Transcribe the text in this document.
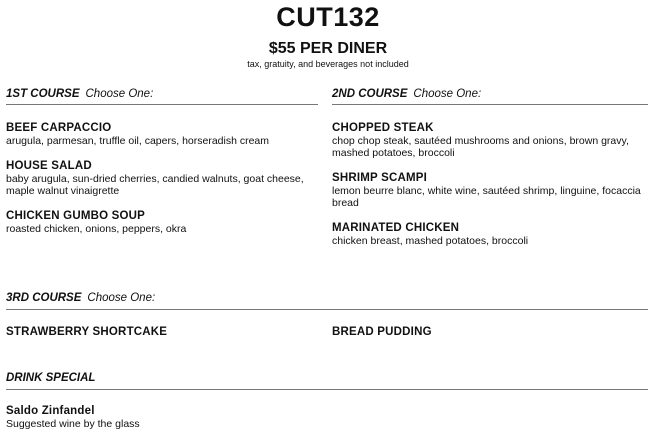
CUT132
$55 PER DINER
tax, gratuity, and beverages not included
1ST COURSE Choose One:
BEEF CARPACCIO
arugula, parmesan, truffle oil, capers, horseradish cream
HOUSE SALAD
baby arugula, sun-dried cherries, candied walnuts, goat cheese, maple walnut vinaigrette
CHICKEN GUMBO SOUP
roasted chicken, onions, peppers, okra
2ND COURSE Choose One:
CHOPPED STEAK
chop chop steak, sautéed mushrooms and onions, brown gravy, mashed potatoes, broccoli
SHRIMP SCAMPI
lemon beurre blanc, white wine, sautéed shrimp, linguine, focaccia bread
MARINATED CHICKEN
chicken breast, mashed potatoes, broccoli
3RD COURSE Choose One:
STRAWBERRY SHORTCAKE	BREAD PUDDING
DRINK SPECIAL
Saldo Zinfandel
Suggested wine by the glass
